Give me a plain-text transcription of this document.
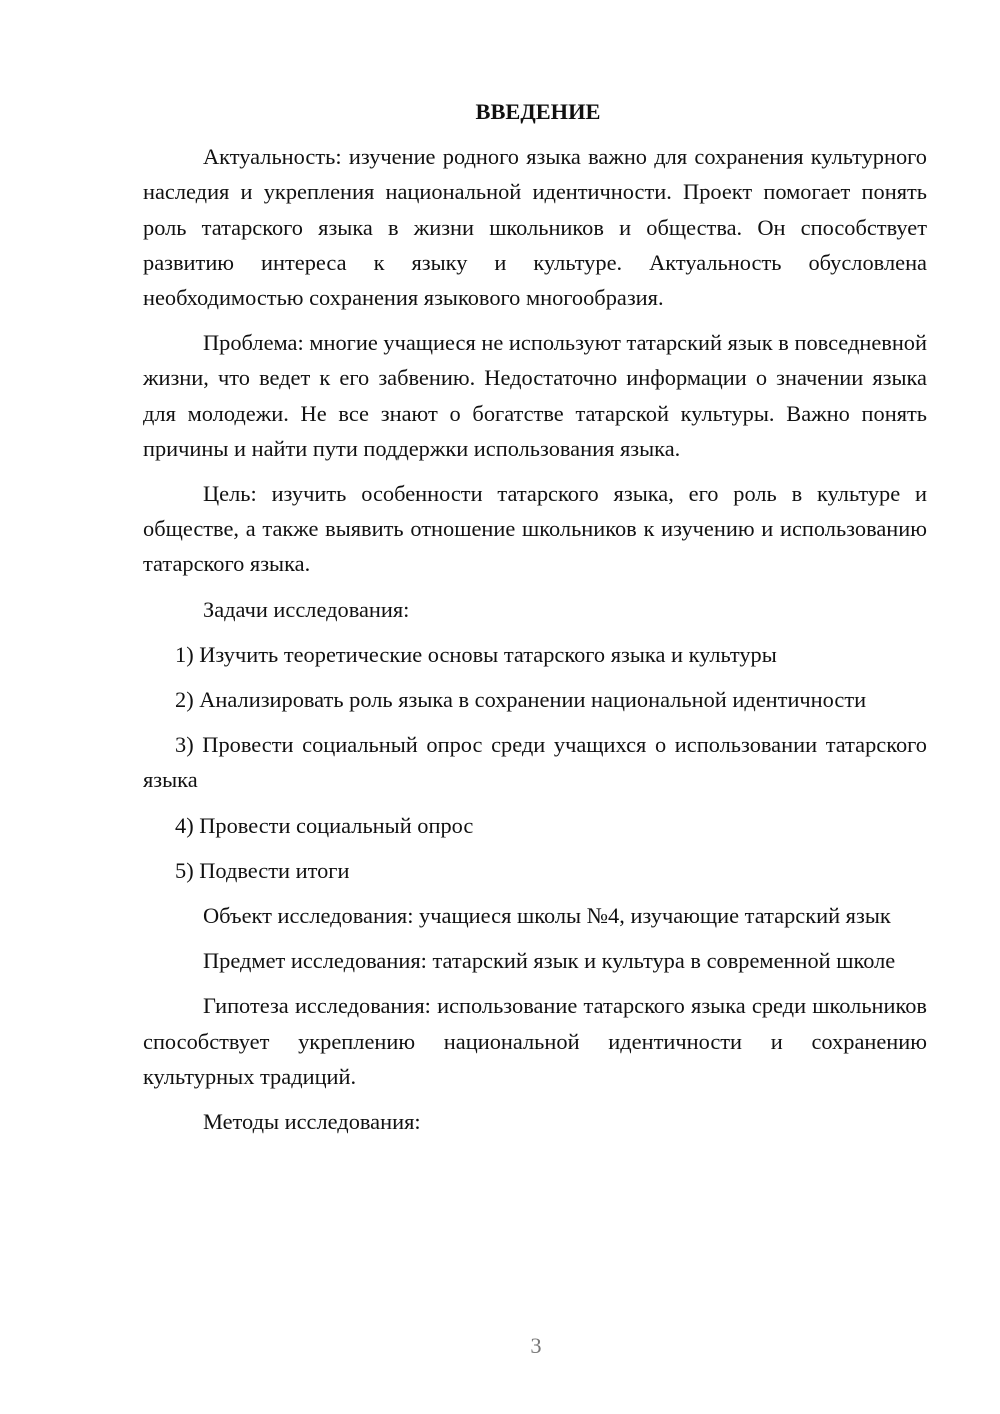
ВВЕДЕНИЕ

Актуальность: изучение родного языка важно для сохранения культурного наследия и укрепления национальной идентичности. Проект помогает понять роль татарского языка в жизни школьников и общества. Он способствует развитию интереса к языку и культуре. Актуальность обусловлена необходимостью сохранения языкового многообразия.

Проблема: многие учащиеся не используют татарский язык в повседневной жизни, что ведет к его забвению. Недостаточно информации о значении языка для молодежи. Не все знают о богатстве татарской культуры. Важно понять причины и найти пути поддержки использования языка.

Цель: изучить особенности татарского языка, его роль в культуре и обществе, а также выявить отношение школьников к изучению и использованию татарского языка.

Задачи исследования:

1) Изучить теоретические основы татарского языка и культуры

2) Анализировать роль языка в сохранении национальной идентичности

3) Провести социальный опрос среди учащихся о использовании татарского языка

4) Провести социальный опрос

5) Подвести итоги

Объект исследования: учащиеся школы №4, изучающие татарский язык

Предмет исследования: татарский язык и культура в современной школе

Гипотеза исследования: использование татарского языка среди школьников способствует укреплению национальной идентичности и сохранению культурных традиций.

Методы исследования:

3
